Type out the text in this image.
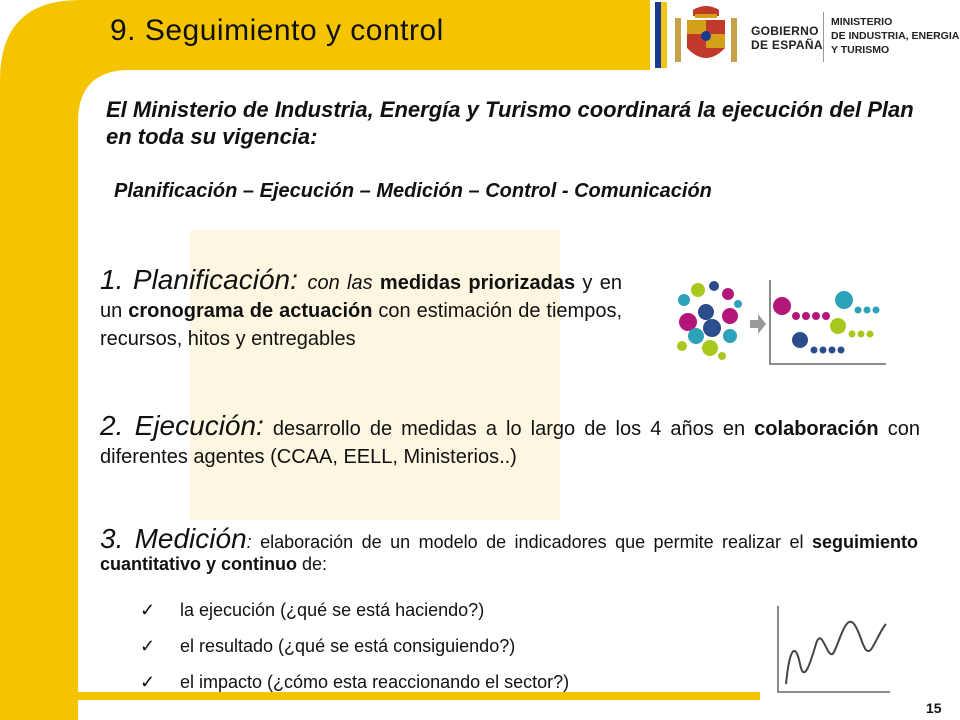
9. Seguimiento y control	GOBIERNO
DE ESPAÑA
MINISTERIO
DE INDUSTRIA, ENERGIA
Y TURISMO
El Ministerio de Industria, Energía y Turismo coordinará la ejecución del Plan en toda su vigencia:
Planificación – Ejecución – Medición – Control - Comunicación
1. Planificación: con las medidas priorizadas y en un cronograma de actuación con estimación de tiempos, recursos, hitos y entregables
2. Ejecución: desarrollo de medidas a lo largo de los 4 años en colaboración con diferentes agentes (CCAA, EELL, Ministerios..)
3. Medición: elaboración de un modelo de indicadores que permite realizar el seguimiento cuantitativo y continuo de:
✓ la ejecución (¿qué se está haciendo?)
✓ el resultado (¿qué se está consiguiendo?)
✓ el impacto (¿cómo esta reaccionando el sector?)
15
